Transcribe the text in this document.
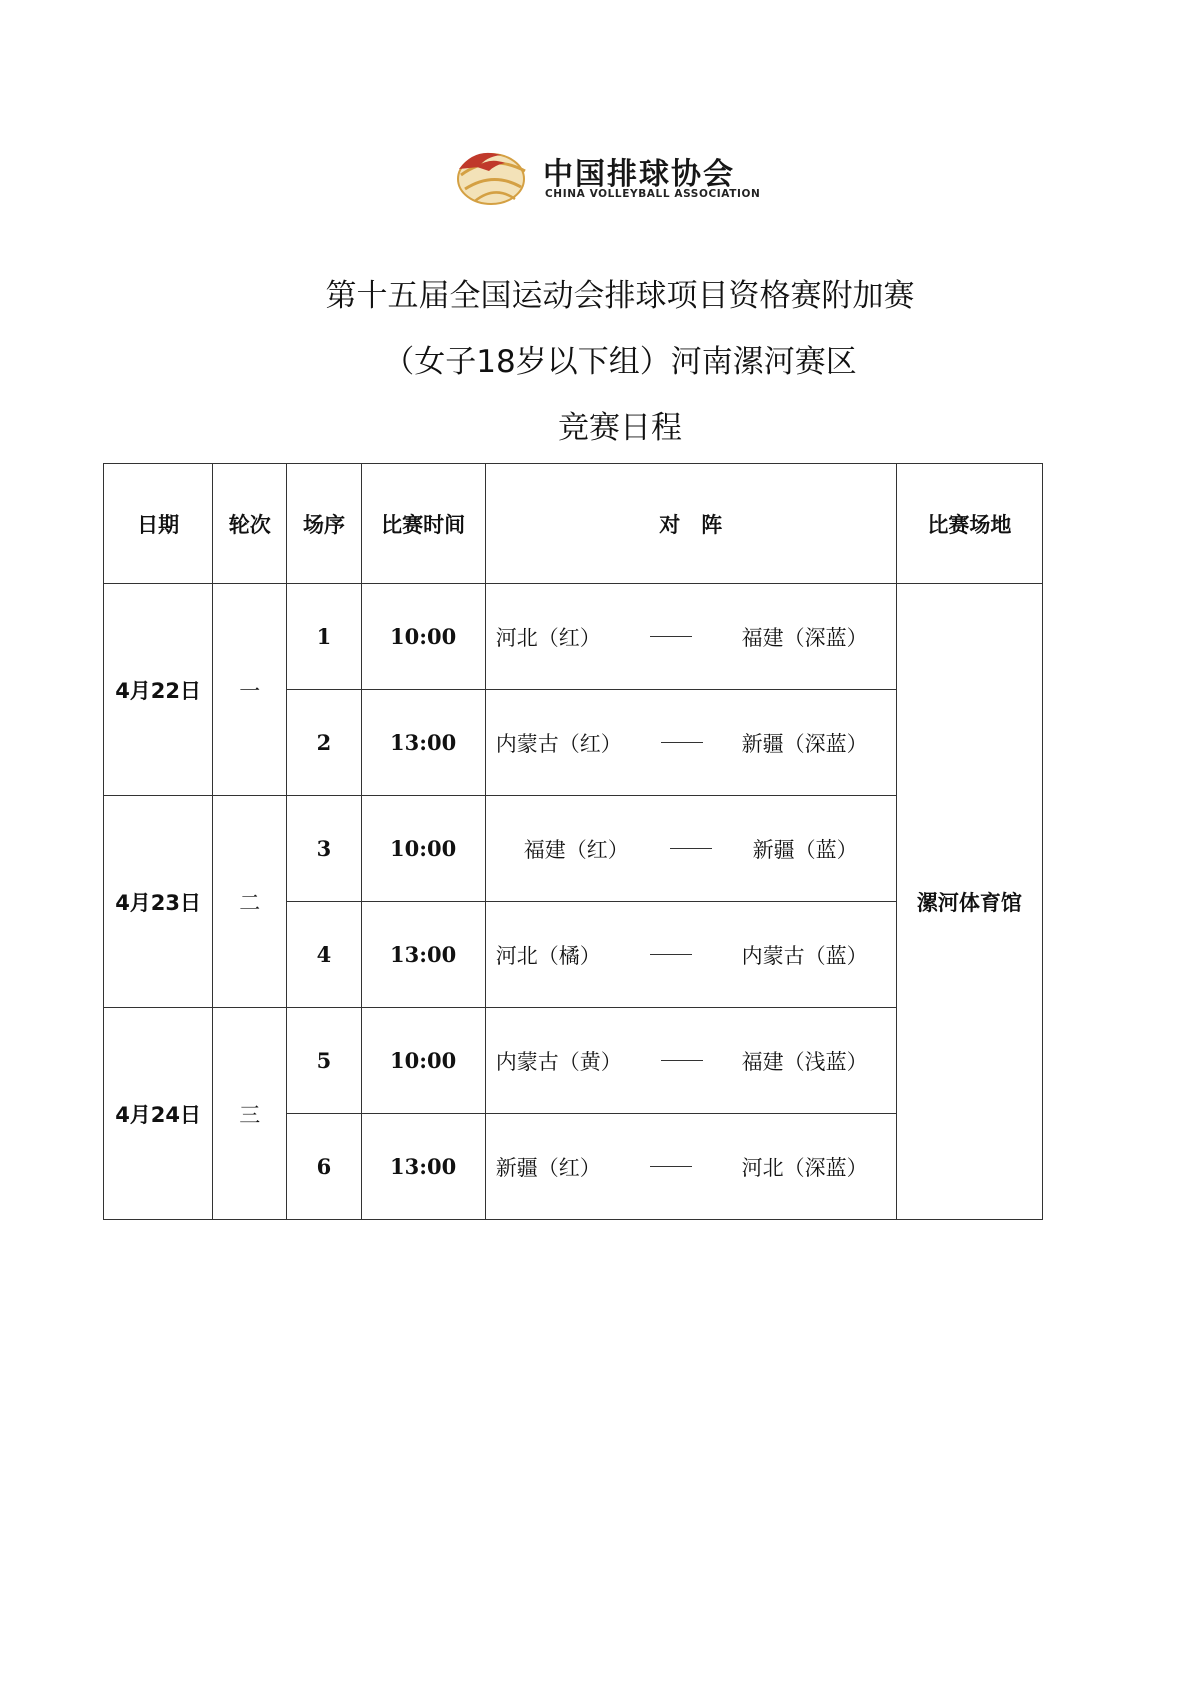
中国排球协会
CHINA VOLLEYBALL ASSOCIATION
第十五届全国运动会排球项目资格赛附加赛
（女子18岁以下组）河南漯河赛区
竞赛日程
日期	轮次	场序	比赛时间	对　阵	比赛场地
4月22日	一	1	10:00	河北（红） 福建（深蓝）	漯河体育馆
		2	13:00	内蒙古（红） 新疆（深蓝）	

4月23日	二	3	10:00	福建（红） 新疆（蓝）	

		4	13:00	河北（橘） 内蒙古（蓝）	

4月24日	三	5	10:00	内蒙古（黄） 福建（浅蓝）	

		6	13:00	新疆（红） 河北（深蓝）	
